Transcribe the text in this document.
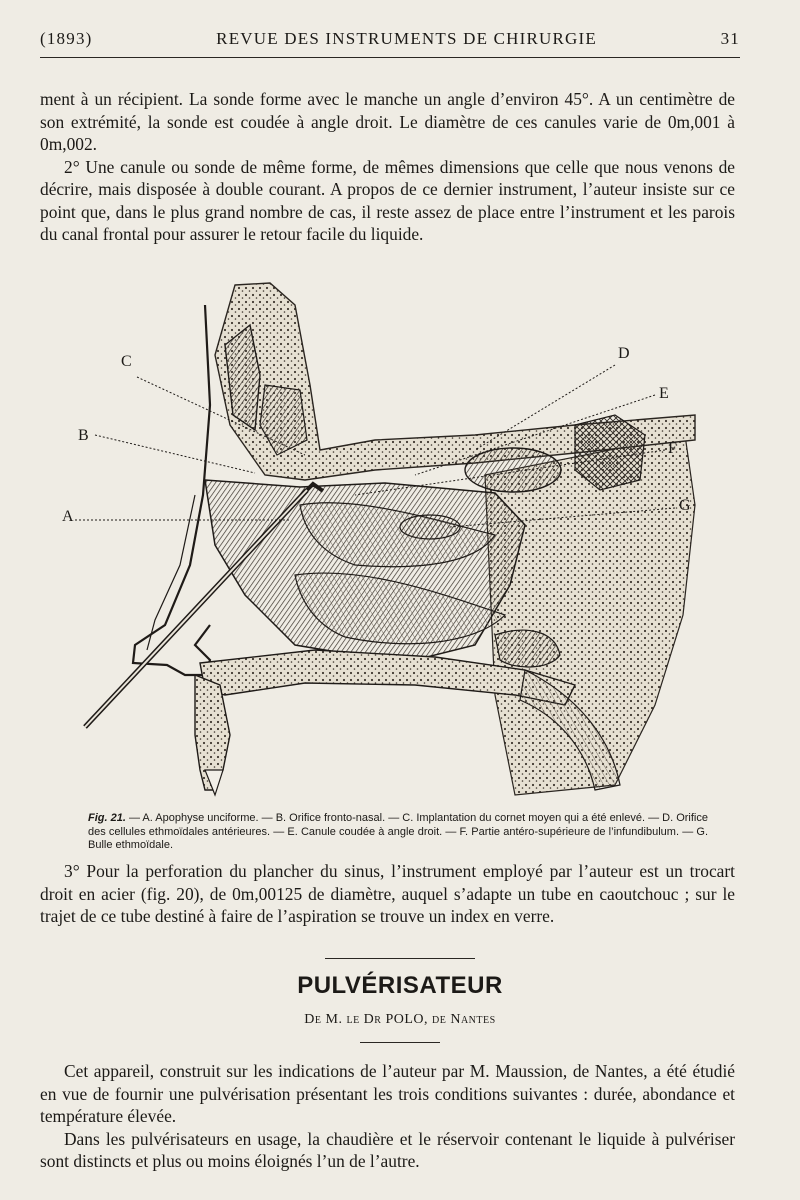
(1893)	REVUE DES INSTRUMENTS DE CHIRURGIE	31

ment à un récipient. La sonde forme avec le manche un angle d’environ 45°. A un centimètre de son extrémité, la sonde est coudée à angle droit. Le diamètre de ces canules varie de 0m,001 à 0m,002.

2° Une canule ou sonde de même forme, de mêmes dimensions que celle que nous venons de décrire, mais disposée à double courant. A propos de ce dernier instrument, l’auteur insiste sur ce point que, dans le plus grand nombre de cas, il reste assez de place entre l’instrument et les parois du canal frontal pour assurer le retour facile du liquide.

C
B
A
D
E
F
G
Fig. 21. — A. Apophyse unciforme. — B. Orifice fronto-nasal. — C. Implantation du cornet moyen qui a été enlevé. — D. Orifice des cellules ethmoïdales antérieures. — E. Canule coudée à angle droit. — F. Partie antéro-supérieure de l’infundibulum. — G. Bulle ethmoïdale.

3° Pour la perforation du plancher du sinus, l’instrument employé par l’auteur est un trocart droit en acier (fig. 20), de 0m,00125 de diamètre, auquel s’adapte un tube en caoutchouc ; sur le trajet de ce tube destiné à faire de l’aspiration se trouve un index en verre.

PULVÉRISATEUR
De M. le Dr POLO, de Nantes

Cet appareil, construit sur les indications de l’auteur par M. Maussion, de Nantes, a été étudié en vue de fournir une pulvérisation présentant les trois conditions suivantes : durée, abondance et température élevée.

Dans les pulvérisateurs en usage, la chaudière et le réservoir contenant le liquide à pulvériser sont distincts et plus ou moins éloignés l’un de l’autre.
